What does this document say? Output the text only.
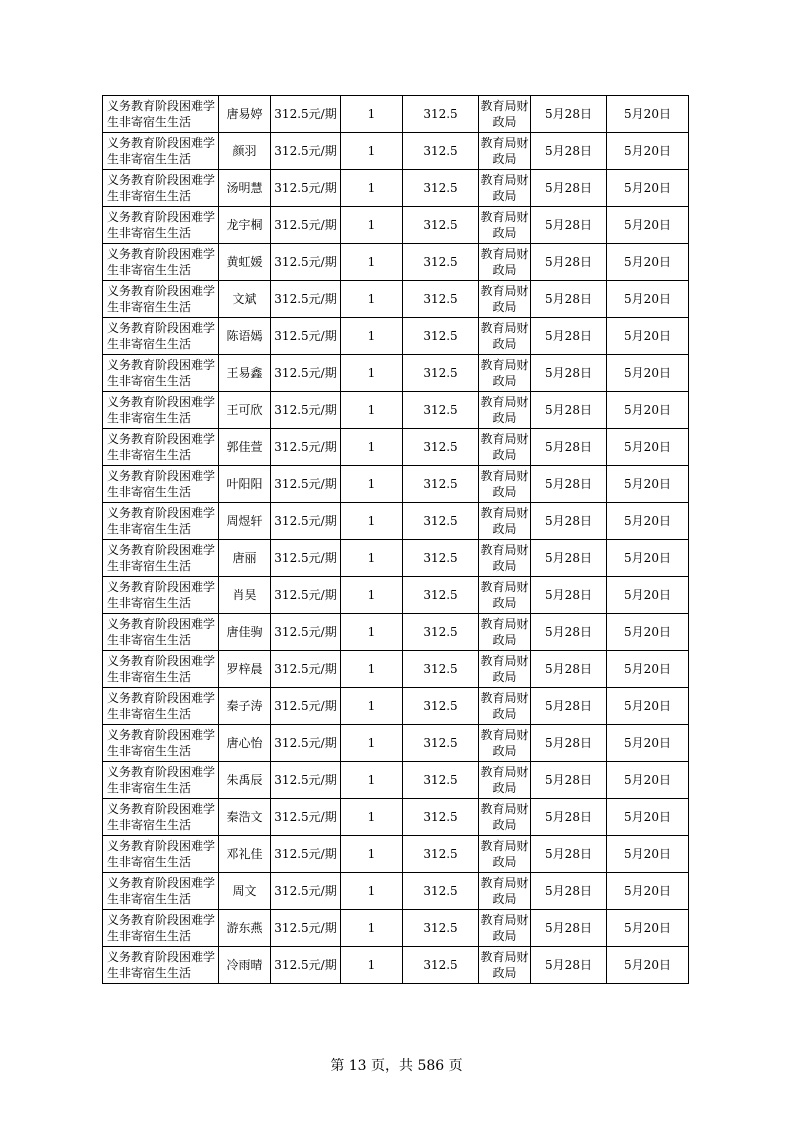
义务教育阶段困难学生非寄宿生生活	唐易婷	312.5元/期	1	312.5	教育局财政局	5月28日	5月20日
义务教育阶段困难学生非寄宿生生活	颜羽	312.5元/期	1	312.5	教育局财政局	5月28日	5月20日
义务教育阶段困难学生非寄宿生生活	汤明慧	312.5元/期	1	312.5	教育局财政局	5月28日	5月20日
义务教育阶段困难学生非寄宿生生活	龙宇桐	312.5元/期	1	312.5	教育局财政局	5月28日	5月20日
义务教育阶段困难学生非寄宿生生活	黄虹媛	312.5元/期	1	312.5	教育局财政局	5月28日	5月20日
义务教育阶段困难学生非寄宿生生活	文斌	312.5元/期	1	312.5	教育局财政局	5月28日	5月20日
义务教育阶段困难学生非寄宿生生活	陈语嫣	312.5元/期	1	312.5	教育局财政局	5月28日	5月20日
义务教育阶段困难学生非寄宿生生活	王易鑫	312.5元/期	1	312.5	教育局财政局	5月28日	5月20日
义务教育阶段困难学生非寄宿生生活	王可欣	312.5元/期	1	312.5	教育局财政局	5月28日	5月20日
义务教育阶段困难学生非寄宿生生活	郭佳萱	312.5元/期	1	312.5	教育局财政局	5月28日	5月20日
义务教育阶段困难学生非寄宿生生活	叶阳阳	312.5元/期	1	312.5	教育局财政局	5月28日	5月20日
义务教育阶段困难学生非寄宿生生活	周煜轩	312.5元/期	1	312.5	教育局财政局	5月28日	5月20日
义务教育阶段困难学生非寄宿生生活	唐丽	312.5元/期	1	312.5	教育局财政局	5月28日	5月20日
义务教育阶段困难学生非寄宿生生活	肖昊	312.5元/期	1	312.5	教育局财政局	5月28日	5月20日
义务教育阶段困难学生非寄宿生生活	唐佳驹	312.5元/期	1	312.5	教育局财政局	5月28日	5月20日
义务教育阶段困难学生非寄宿生生活	罗梓晨	312.5元/期	1	312.5	教育局财政局	5月28日	5月20日
义务教育阶段困难学生非寄宿生生活	秦子涛	312.5元/期	1	312.5	教育局财政局	5月28日	5月20日
义务教育阶段困难学生非寄宿生生活	唐心怡	312.5元/期	1	312.5	教育局财政局	5月28日	5月20日
义务教育阶段困难学生非寄宿生生活	朱禹辰	312.5元/期	1	312.5	教育局财政局	5月28日	5月20日
义务教育阶段困难学生非寄宿生生活	秦浩文	312.5元/期	1	312.5	教育局财政局	5月28日	5月20日
义务教育阶段困难学生非寄宿生生活	邓礼佳	312.5元/期	1	312.5	教育局财政局	5月28日	5月20日
义务教育阶段困难学生非寄宿生生活	周文	312.5元/期	1	312.5	教育局财政局	5月28日	5月20日
义务教育阶段困难学生非寄宿生生活	游东燕	312.5元/期	1	312.5	教育局财政局	5月28日	5月20日
义务教育阶段困难学生非寄宿生生活	冷雨晴	312.5元/期	1	312.5	教育局财政局	5月28日	5月20日
第 13 页，共 586 页
